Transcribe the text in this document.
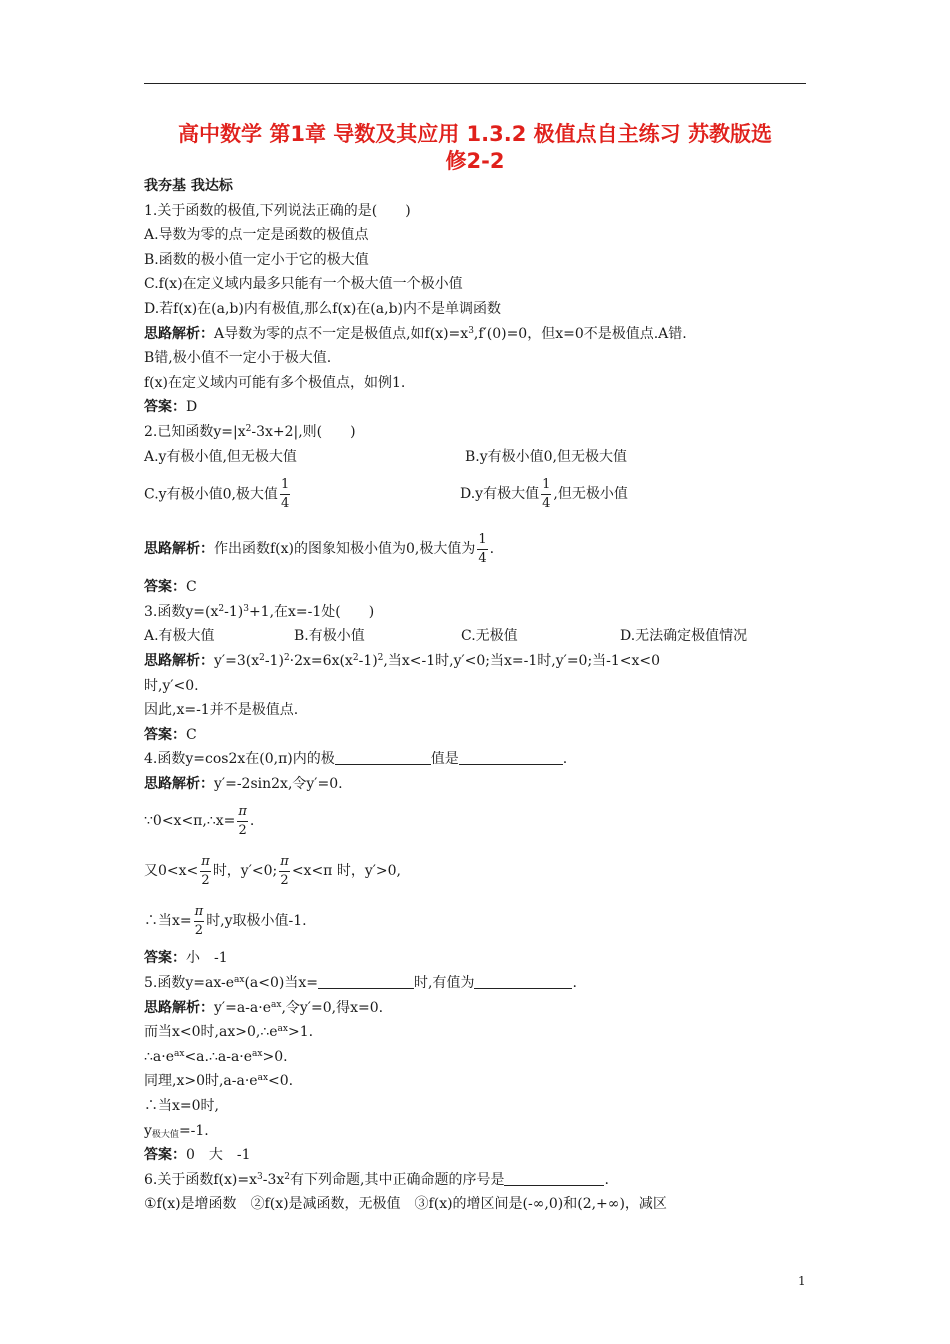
高中数学 第1章 导数及其应用 1.3.2 极值点自主练习 苏教版选
修2-2
我夯基 我达标
1.关于函数的极值,下列说法正确的是(　　)
A.导数为零的点一定是函数的极值点
B.函数的极小值一定小于它的极大值
C.f(x)在定义域内最多只能有一个极大值一个极小值
D.若f(x)在(a,b)内有极值,那么f(x)在(a,b)内不是单调函数
思路解析：A导数为零的点不一定是极值点,如$f(x)=x^3,f'(0)=0$，但x=0不是极值点.A错.
B错,极小值不一定小于极大值.
f(x)在定义域内可能有多个极值点，如例1.
答案：D
2.已知函数$y=|x^2-3x+2|$,则(　　)
A.y有极小值,但无极大值	B.y有极小值0,但无极大值
C.y有极小值0,极大值 $\frac{1}{4}$	D.y有极大值 $\frac{1}{4}$ ,但无极小值
思路解析： 作出函数f(x)的图象知极小值为0,极大值为 $\frac{1}{4}$ .
答案：C
3.函数$y=(x^2-1)^3+1$,在x=-1处(　　)
A.有极大值	B.有极小值	C.无极值	D.无法确定极值情况
思路解析：$y'=3(x^2-1)^2\cdot 2x=6x(x^2-1)^2$,当x<-1时,y′<0;当x=-1时,y′=0;当-1<x<0
时,y′<0.
因此,x=-1并不是极值点.
答案：C
4.函数y=cos2x在(0,π)内的极	值是	.
思路解析：y′=-2sin2x,令y′=0.
∵0<x<π,∴x= $\frac{\pi}{2}$ .
又$0<x< \frac{\pi}{2}$ 时，y′<0; $\frac{\pi}{2} <x<\pi$ 时，y′>0,
∴当$x= \frac{\pi}{2}$ 时,y取极小值-1.
答案：小　-1
5.函数$y=ax-e^{ax}(a<0)$当x=	时,有值为	.
思路解析：$y'=a-a\cdot e^{ax}$,令y′=0,得x=0.
而当x<0时$,ax>0,\therefore e^{ax}>1$.
$\therefore a\cdot e^{ax}<a.\therefore a-a\cdot e^{ax}>0$.
同理,x>0时$,a-a\cdot e^{ax}<0$.
∴当x=0时,
$y_{极大值}=-1$.
答案：0　大　-1
6.关于函数$f(x)=x^3-3x^2$有下列命题,其中正确命题的序号是	.
①f(x)是增函数　②f(x)是减函数，无极值　③f(x)的增区间是(-∞,0)和(2,+∞)，减区
1
